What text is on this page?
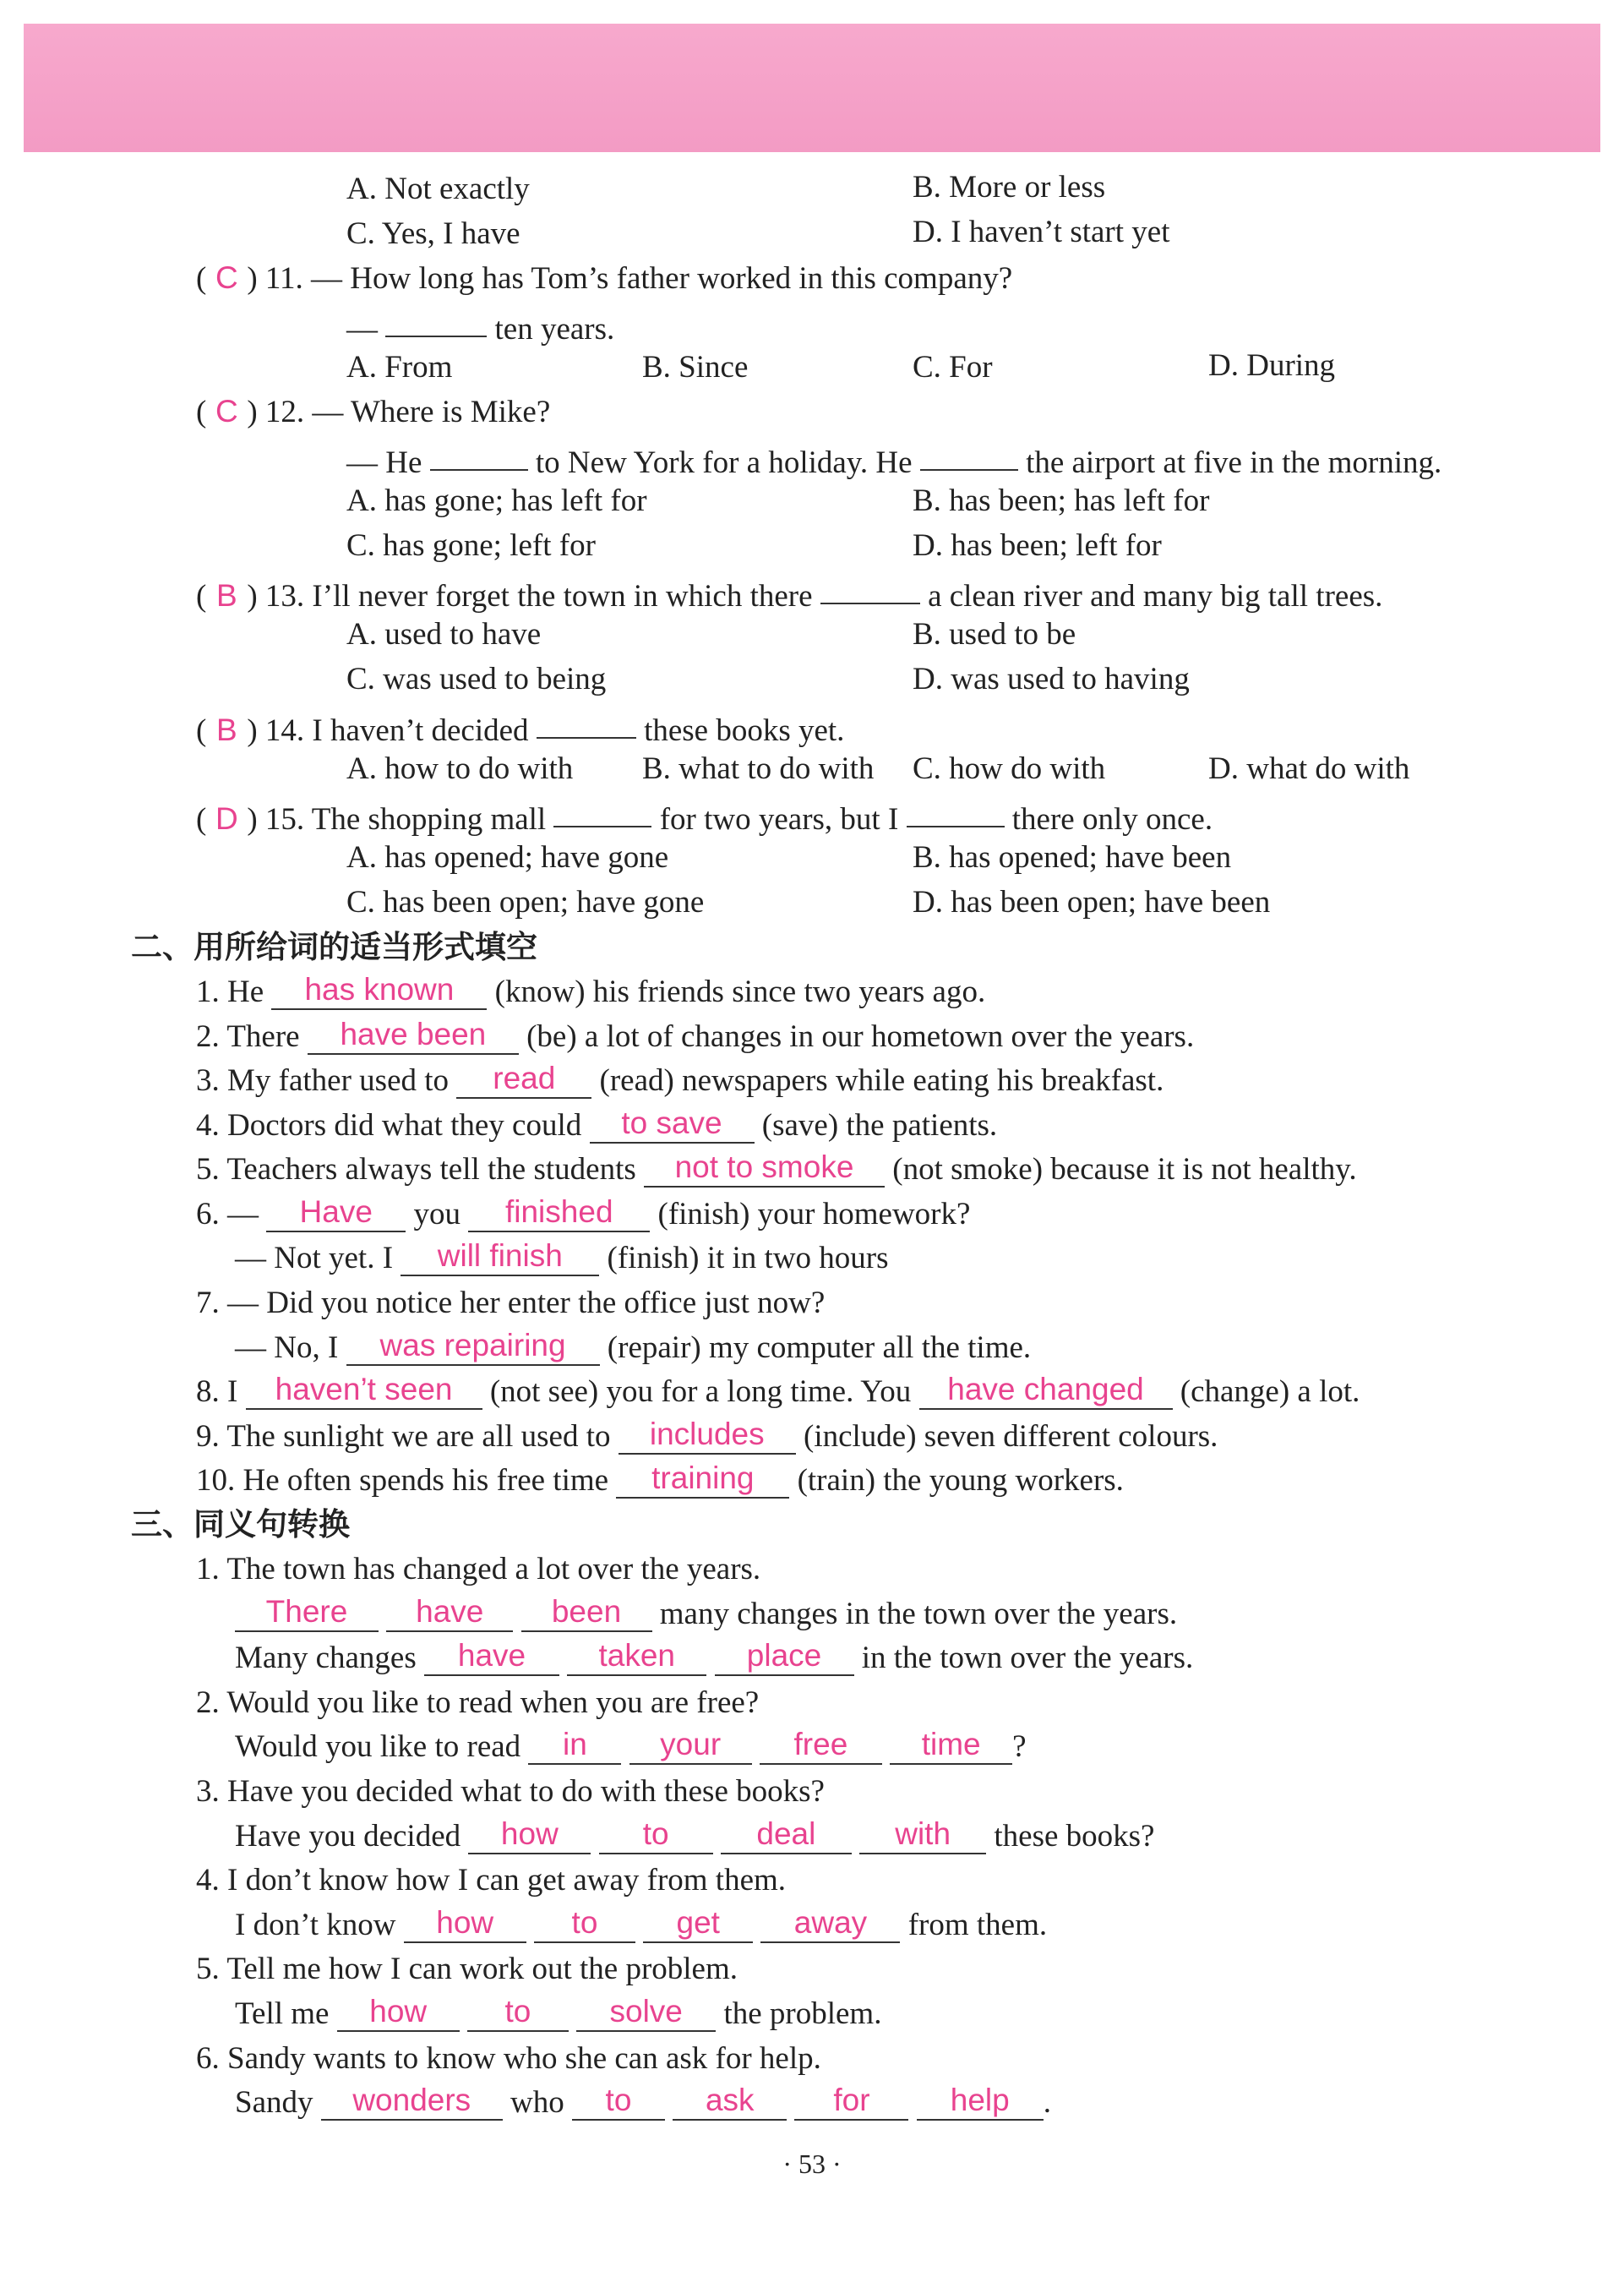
A. Not exactly	B. More or less
C. Yes, I have	D. I haven’t start yet
( C ) 11. — How long has Tom’s father worked in this company?
—	ten years.
A. From	B. Since	C. For	D. During
( C ) 12. — Where is Mike?
— He	to New York for a holiday. He	the airport at five in the morning.
A. has gone; has left for	B. has been; has left for
C. has gone; left for	D. has been; left for
( B ) 13. I’ll never forget the town in which there	a clean river and many big tall trees.
A. used to have	B. used to be
C. was used to being	D. was used to having
( B ) 14. I haven’t decided	these books yet.
A. how to do with B. what to do with C. how do with	D. what do with
( D ) 15. The shopping mall	for two years, but I	there only once.
A. has opened; have gone	B. has opened; have been
C. has been open; have gone	D. has been open; have been
二、用所给词的适当形式填空
1. He has known (know) his friends since two years ago.
2. There have been (be) a lot of changes in our hometown over the years.
3. My father used to read (read) newspapers while eating his breakfast.
4. Doctors did what they could to save (save) the patients.
5. Teachers always tell the students not to smoke (not smoke) because it is not healthy.
6. — Have you finished (finish) your homework?
— Not yet. I will finish (finish) it in two hours
7. — Did you notice her enter the office just now?
— No, I was repairing (repair) my computer all the time.
8. I haven’t seen (not see) you for a long time. You have changed (change) a lot.
9. The sunlight we are all used to includes (include) seven different colours.
10. He often spends his free time training (train) the young workers.
三、同义句转换
1. The town has changed a lot over the years.
There have been many changes in the town over the years.
Many changes have taken place in the town over the years.
2. Would you like to read when you are free?
Would you like to read in your free time ?
3. Have you decided what to do with these books?
Have you decided how	to	deal	with these books?
4. I don’t know how I can get away from them.
I don’t know how to	get away from them.
5. Tell me how I can work out the problem.
Tell me how to	solve the problem.
6. Sandy wants to know who she can ask for help.
Sandy wonders who to ask	for	help .
· 53 ·
